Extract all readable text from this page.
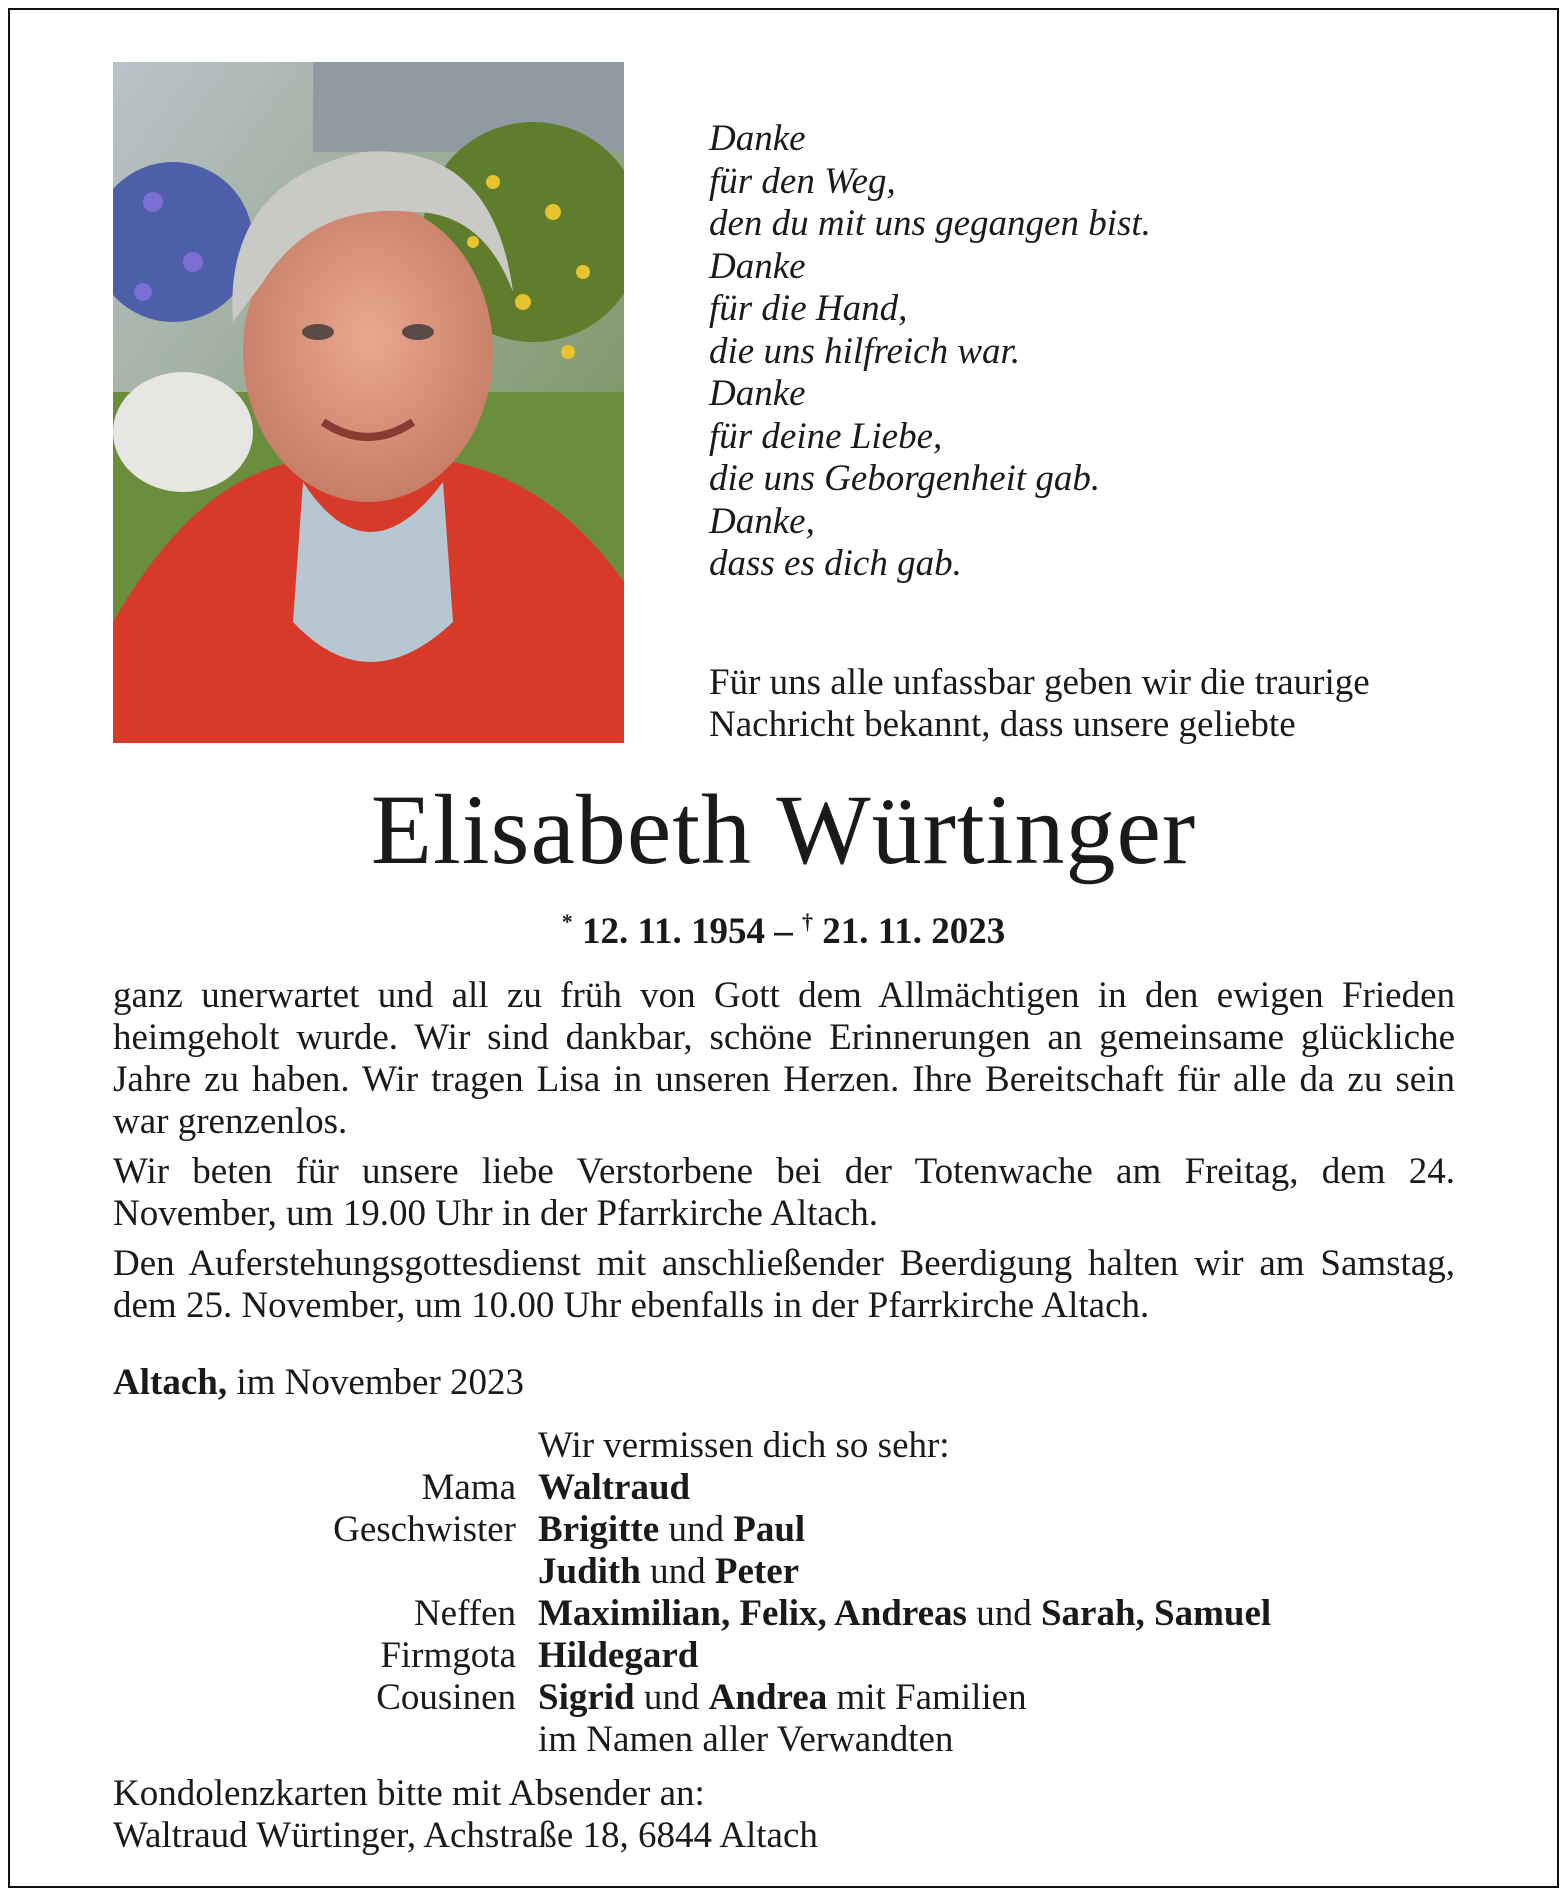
Danke
für den Weg,
den du mit uns gegangen bist.
Danke
für die Hand,
die uns hilfreich war.
Danke
für deine Liebe,
die uns Geborgenheit gab.
Danke,
dass es dich gab.
Für uns alle unfassbar geben wir die traurige
Nachricht bekannt, dass unsere geliebte
Elisabeth Würtinger
* 12. 11. 1954 – † 21. 11. 2023
ganz unerwartet und all zu früh von Gott dem Allmächtigen in den ewigen Frieden heimgeholt wurde. Wir sind dankbar, schöne Erinnerungen an gemeinsame glückliche Jahre zu haben. Wir tragen Lisa in unseren Herzen. Ihre Bereitschaft für alle da zu sein war grenzenlos.
Wir beten für unsere liebe Verstorbene bei der Totenwache am Freitag, dem 24. November, um 19.00 Uhr in der Pfarrkirche Altach.
Den Auferstehungsgottesdienst mit anschließender Beerdigung halten wir am Samstag, dem 25. November, um 10.00 Uhr ebenfalls in der Pfarrkirche Altach.
Altach, im November 2023
Wir vermissen dich so sehr:
Mama Waltraud
Geschwister Brigitte und Paul
Judith und Peter
Neffen Maximilian, Felix, Andreas und Sarah, Samuel
Firmgota Hildegard
Cousinen Sigrid und Andrea mit Familien
im Namen aller Verwandten
Kondolenzkarten bitte mit Absender an:
Waltraud Würtinger, Achstraße 18, 6844 Altach
